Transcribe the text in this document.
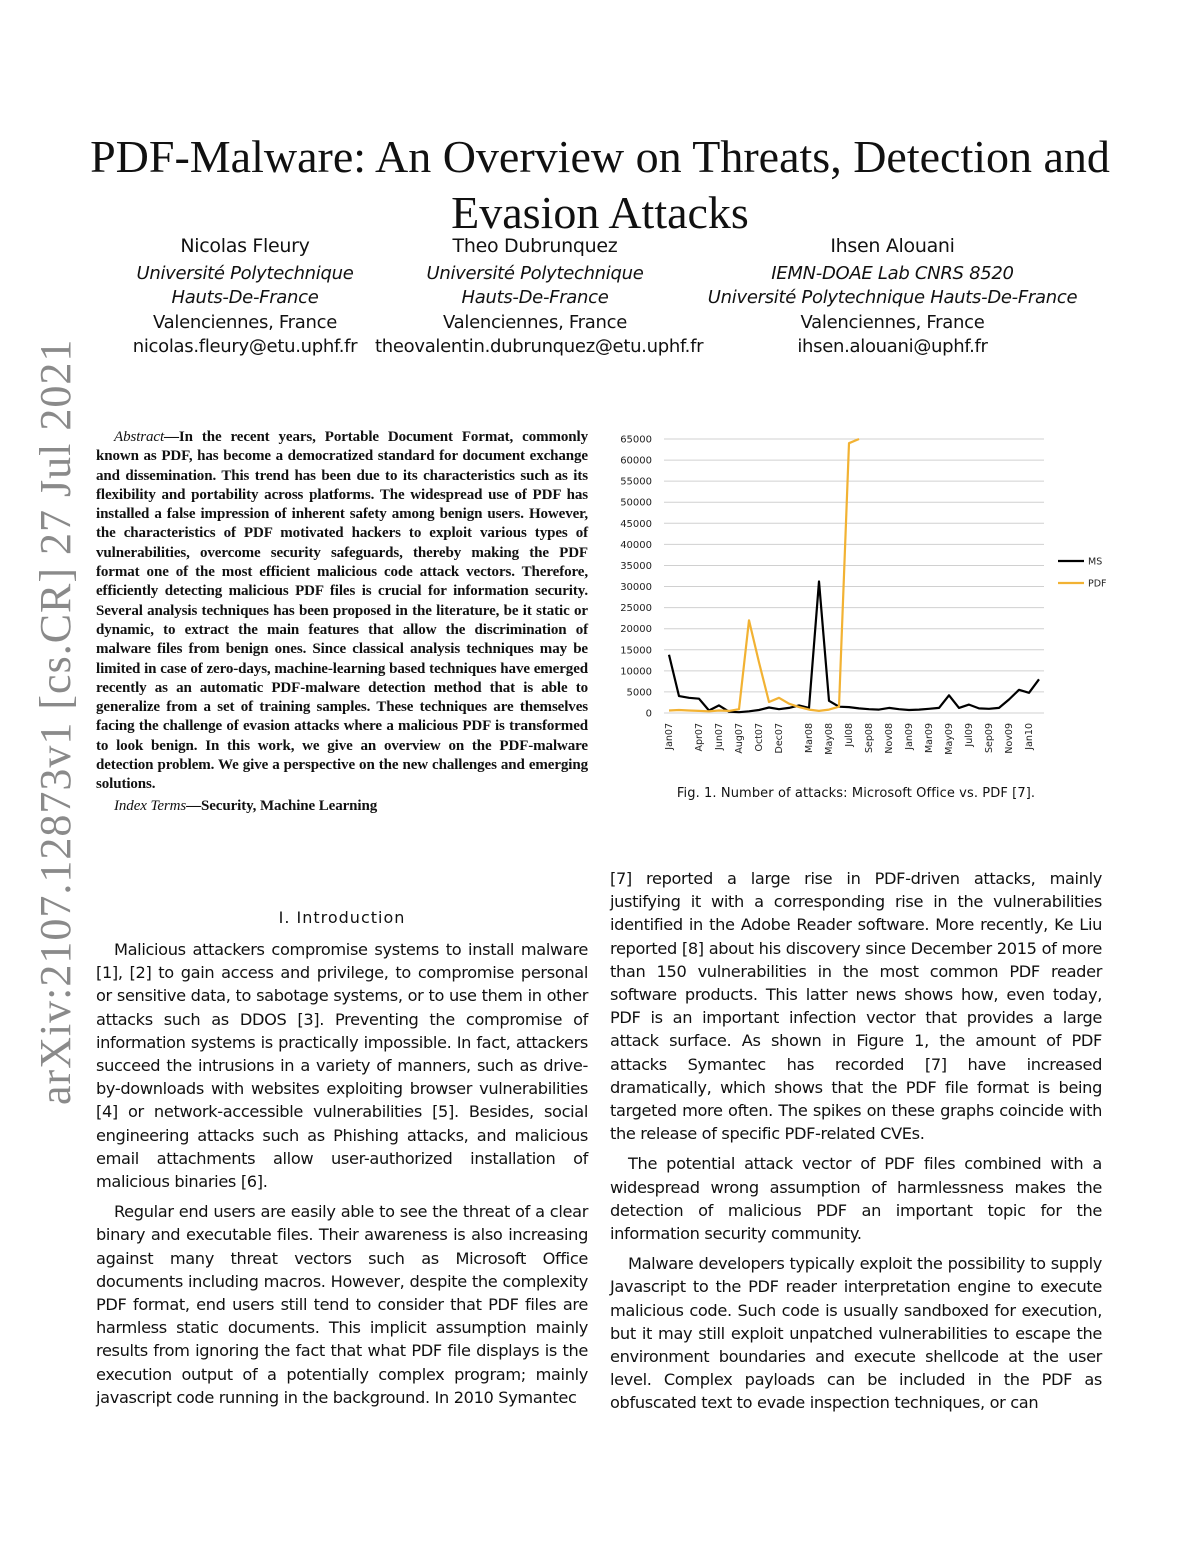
arXiv:2107.12873v1 [cs.CR] 27 Jul 2021
PDF-Malware: An Overview on Threats, Detection and Evasion Attacks
Nicolas Fleury
Université Polytechnique
Hauts-De-France
Valenciennes, France
nicolas.fleury@etu.uphf.fr
Theo Dubrunquez
Université Polytechnique
Hauts-De-France
Valenciennes, France
theovalentin.dubrunquez@etu.uphf.fr
Ihsen Alouani
IEMN-DOAE Lab CNRS 8520
Université Polytechnique Hauts-De-France
Valenciennes, France
ihsen.alouani@uphf.fr
Abstract—In the recent years, Portable Document Format, commonly known as PDF, has become a democratized standard for document exchange and dissemination. This trend has been due to its characteristics such as its flexibility and portability across platforms. The widespread use of PDF has installed a false impression of inherent safety among benign users. However, the characteristics of PDF motivated hackers to exploit various types of vulnerabilities, overcome security safeguards, thereby making the PDF format one of the most efficient malicious code attack vectors. Therefore, efficiently detecting malicious PDF files is crucial for information security. Several analysis techniques has been proposed in the literature, be it static or dynamic, to extract the main features that allow the discrimination of malware files from benign ones. Since classical analysis techniques may be limited in case of zero-days, machine-learning based techniques have emerged recently as an automatic PDF-malware detection method that is able to generalize from a set of training samples. These techniques are themselves facing the challenge of evasion attacks where a malicious PDF is transformed to look benign. In this work, we give an overview on the PDF-malware detection problem. We give a perspective on the new challenges and emerging solutions.
Index Terms—Security, Machine Learning
I. Introduction

Malicious attackers compromise systems to install malware [1], [2] to gain access and privilege, to compromise personal or sensitive data, to sabotage systems, or to use them in other attacks such as DDOS [3]. Preventing the compromise of information systems is practically impossible. In fact, attackers succeed the intrusions in a variety of manners, such as drive-by-downloads with websites exploiting browser vulnerabilities [4] or network-accessible vulnerabilities [5]. Besides, social engineering attacks such as Phishing attacks, and malicious email attachments allow user-authorized installation of malicious binaries [6].

Regular end users are easily able to see the threat of a clear binary and executable files. Their awareness is also increasing against many threat vectors such as Microsoft Office documents including macros. However, despite the complexity PDF format, end users still tend to consider that PDF files are harmless static documents. This implicit assumption mainly results from ignoring the fact that what PDF file displays is the execution output of a potentially complex program; mainly javascript code running in the background. In 2010 Symantec

0
5000
10000
15000
20000
25000
30000
35000
40000
45000
50000
55000
60000
65000
Jan07 Apr07 Jun07 Aug07 Oct07 Dec07 Mar08 May08 Jul08 Sep08 Nov08 Jan09 Mar09 May09 Jul09 Sep09 Nov09 Jan10
MS
PDF
Fig. 1. Number of attacks: Microsoft Office vs. PDF [7].

[7] reported a large rise in PDF-driven attacks, mainly justifying it with a corresponding rise in the vulnerabilities identified in the Adobe Reader software. More recently, Ke Liu reported [8] about his discovery since December 2015 of more than 150 vulnerabilities in the most common PDF reader software products. This latter news shows how, even today, PDF is an important infection vector that provides a large attack surface. As shown in Figure 1, the amount of PDF attacks Symantec has recorded [7] have increased dramatically, which shows that the PDF file format is being targeted more often. The spikes on these graphs coincide with the release of specific PDF-related CVEs.

The potential attack vector of PDF files combined with a widespread wrong assumption of harmlessness makes the detection of malicious PDF an important topic for the information security community.

Malware developers typically exploit the possibility to supply Javascript to the PDF reader interpretation engine to execute malicious code. Such code is usually sandboxed for execution, but it may still exploit unpatched vulnerabilities to escape the environment boundaries and execute shellcode at the user level. Complex payloads can be included in the PDF as obfuscated text to evade inspection techniques, or can
